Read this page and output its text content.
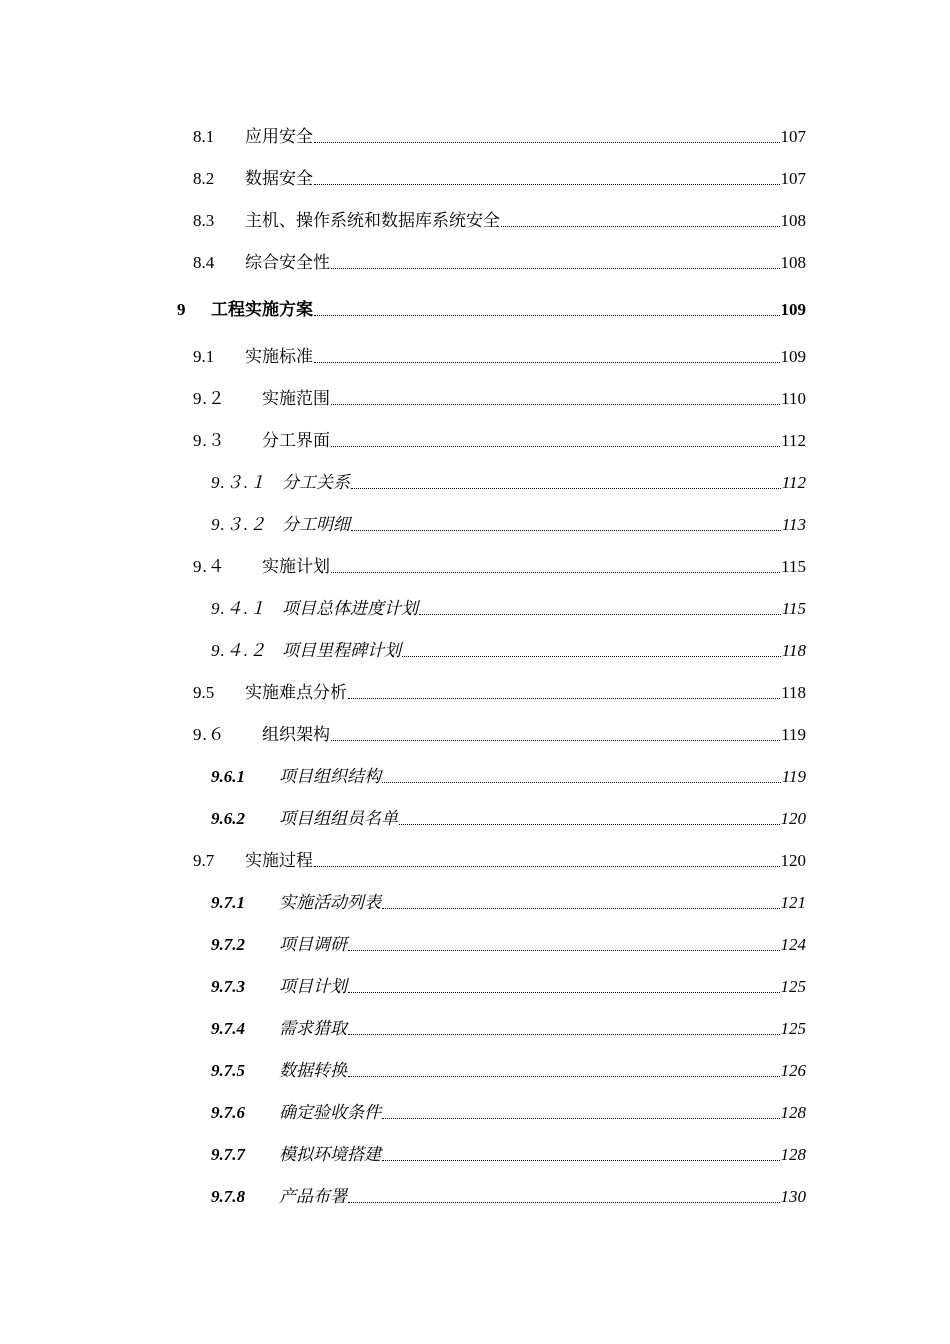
8.1	应用安全	107
8.2	数据安全	107
8.3	主机、操作系统和数据库系统安全	108
8.4	综合安全性	108
9	工程实施方案	109
9.1	实施标准	109
9.２	实施范围	110
9.３	分工界面	112
9.３.１ 分工关系	112
9.３.２ 分工明细	113
9.４	实施计划	115
9.４.１ 项目总体进度计划	115
9.４.２ 项目里程碑计划	118
9.5	实施难点分析	118
9.６	组织架构	119
9.6.1	项目组织结构	119
9.6.2	项目组组员名单	120
9.7	实施过程	120
9.7.1	实施活动列表	121
9.7.2	项目调研	124
9.7.3	项目计划	125
9.7.4	需求猎取	125
9.7.5	数据转换	126
9.7.6	确定验收条件	128
9.7.7	模拟环境搭建	128
9.7.8	产品布署	130
